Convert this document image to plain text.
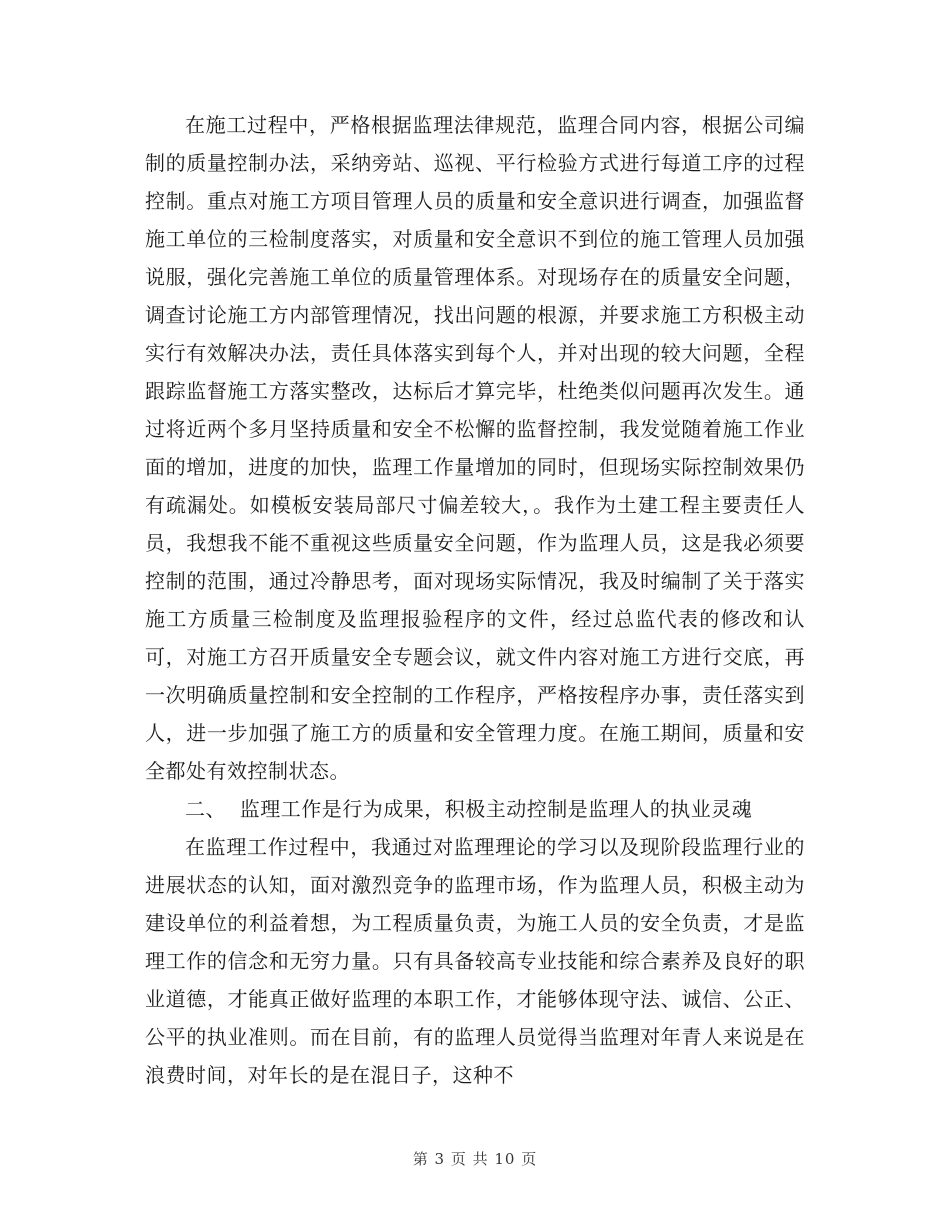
在施工过程中，严格根据监理法律规范，监理合同内容，根据公司编制的质量控制办法，采纳旁站、巡视、平行检验方式进行每道工序的过程控制。重点对施工方项目管理人员的质量和安全意识进行调查，加强监督施工单位的三检制度落实，对质量和安全意识不到位的施工管理人员加强说服，强化完善施工单位的质量管理体系。对现场存在的质量安全问题，调查讨论施工方内部管理情况，找出问题的根源，并要求施工方积极主动实行有效解决办法，责任具体落实到每个人，并对出现的较大问题，全程跟踪监督施工方落实整改，达标后才算完毕，杜绝类似问题再次发生。通过将近两个多月坚持质量和安全不松懈的监督控制，我发觉随着施工作业面的增加，进度的加快，监理工作量增加的同时，但现场实际控制效果仍有疏漏处。如模板安装局部尺寸偏差较大，。我作为土建工程主要责任人员，我想我不能不重视这些质量安全问题，作为监理人员，这是我必须要控制的范围，通过冷静思考，面对现场实际情况，我及时编制了关于落实施工方质量三检制度及监理报验程序的文件，经过总监代表的修改和认可，对施工方召开质量安全专题会议，就文件内容对施工方进行交底，再一次明确质量控制和安全控制的工作程序，严格按程序办事，责任落实到人，进一步加强了施工方的质量和安全管理力度。在施工期间，质量和安全都处有效控制状态。

二、  监理工作是行为成果，积极主动控制是监理人的执业灵魂

在监理工作过程中，我通过对监理理论的学习以及现阶段监理行业的进展状态的认知，面对激烈竞争的监理市场，作为监理人员，积极主动为建设单位的利益着想，为工程质量负责，为施工人员的安全负责，才是监理工作的信念和无穷力量。只有具备较高专业技能和综合素养及良好的职业道德，才能真正做好监理的本职工作，才能够体现守法、诚信、公正、公平的执业准则。而在目前，有的监理人员觉得当监理对年青人来说是在浪费时间，对年长的是在混日子，这种不

第 3 页 共 10 页
